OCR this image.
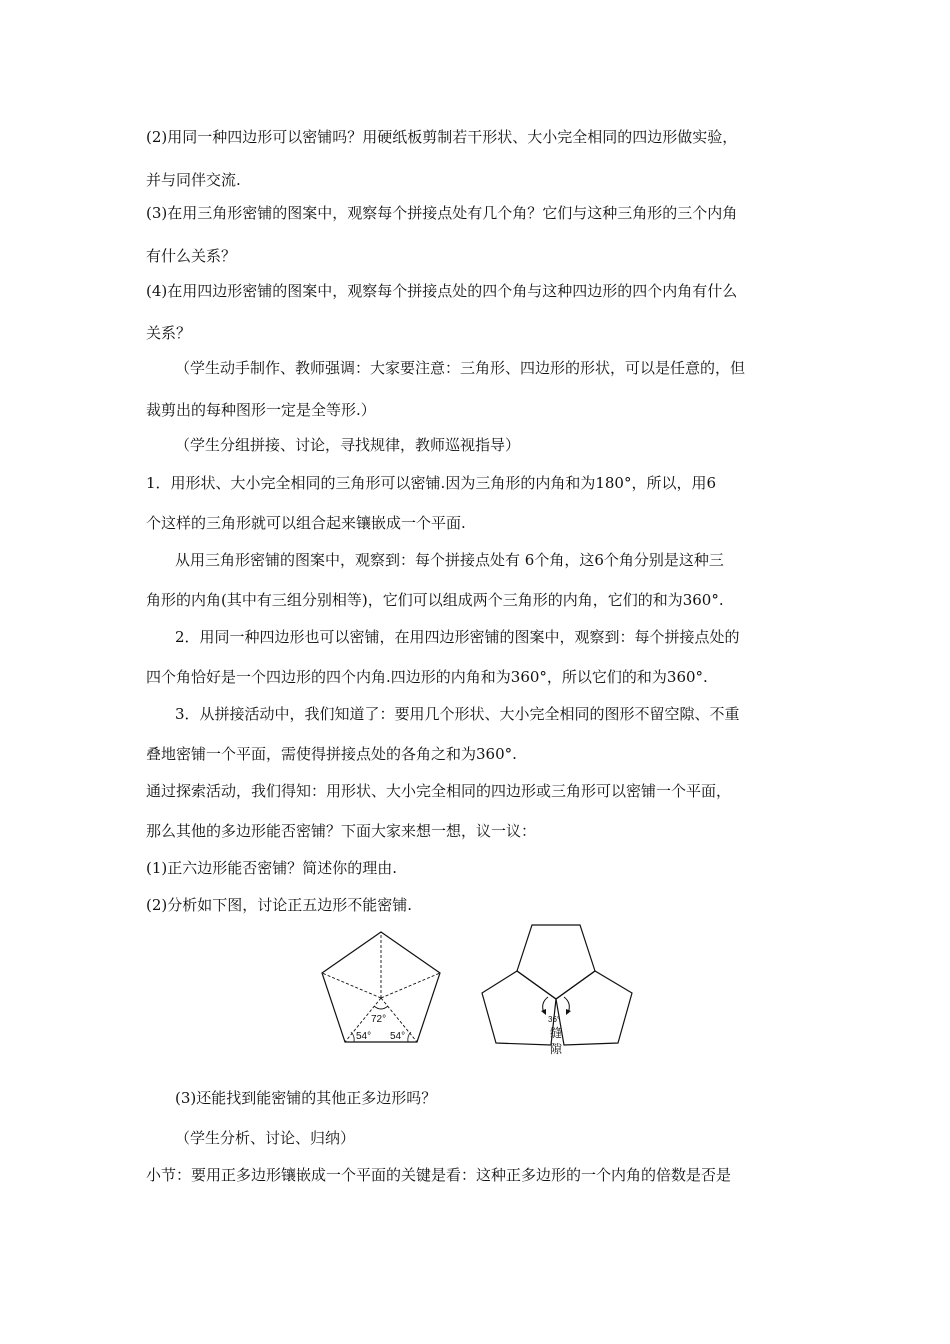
(2)用同一种四边形可以密铺吗？用硬纸板剪制若干形状、大小完全相同的四边形做实验，
并与同伴交流.
(3)在用三角形密铺的图案中，观察每个拼接点处有几个角？它们与这种三角形的三个内角
有什么关系？
(4)在用四边形密铺的图案中，观察每个拼接点处的四个角与这种四边形的四个内角有什么
关系？
（学生动手制作、教师强调：大家要注意：三角形、四边形的形状，可以是任意的，但
裁剪出的每种图形一定是全等形.）
（学生分组拼接、讨论，寻找规律，教师巡视指导）
1．用形状、大小完全相同的三角形可以密铺.因为三角形的内角和为180°，所以，用6
个这样的三角形就可以组合起来镶嵌成一个平面.
从用三角形密铺的图案中，观察到：每个拼接点处有 6个角，这6个角分别是这种三
角形的内角(其中有三组分别相等)，它们可以组成两个三角形的内角，它们的和为360°.
2．用同一种四边形也可以密铺，在用四边形密铺的图案中，观察到：每个拼接点处的
四个角恰好是一个四边形的四个内角.四边形的内角和为360°，所以它们的和为360°.
3．从拼接活动中，我们知道了：要用几个形状、大小完全相同的图形不留空隙、不重
叠地密铺一个平面，需使得拼接点处的各角之和为360°.
通过探索活动，我们得知：用形状、大小完全相同的四边形或三角形可以密铺一个平面，
那么其他的多边形能否密铺？下面大家来想一想，议一议：
(1)正六边形能否密铺？简述你的理由.
(2)分析如下图，讨论正五边形不能密铺.
72°
54° 54°
36°
缝
隙
(3)还能找到能密铺的其他正多边形吗？
（学生分析、讨论、归纳）
小节：要用正多边形镶嵌成一个平面的关键是看：这种正多边形的一个内角的倍数是否是
